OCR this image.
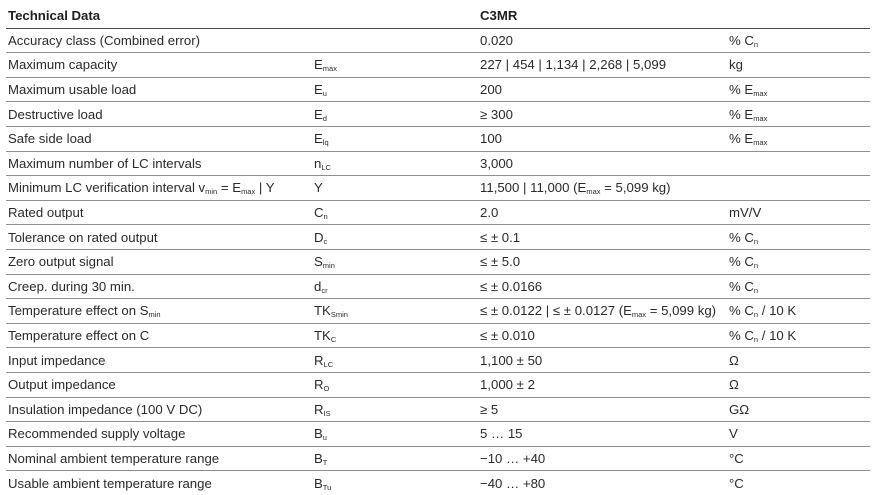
Technical Data		C3MR	
Accuracy class (Combined error)		0.020	% $C_n$
Maximum capacity	$E_{max}$	227 | 454 | 1,134 | 2,268 | 5,099	kg
Maximum usable load	$E_u$	200	% $E_{max}$
Destructive load	$E_d$	≥ 300	% $E_{max}$
Safe side load	$E_{lq}$	100	% $E_{max}$
Maximum number of LC intervals	$n_{LC}$	3,000	
Minimum LC verification interval $v_{min} = E_{max}$ | Y	Y	11,500 | 11,000 ($E_{max} = 5,099$ kg)	
Rated output	$C_n$	2.0	mV/V
Tolerance on rated output	$D_c$	≤ ± 0.1	% $C_n$
Zero output signal	$S_{min}$	≤ ± 5.0	% $C_n$
Creep. during 30 min.	$d_{cr}$	≤ ± 0.0166	% $C_n$
Temperature effect on $S_{min}$	$TK_{Smin}$	≤ ± 0.0122 | ≤ ± 0.0127 ($E_{max} = 5,099$ kg)	% $C_n / 10$ K
Temperature effect on C	$TK_C$	≤ ± 0.010	% $C_n / 10$ K
Input impedance	$R_{LC}$	1,100 ± 50	Ω
Output impedance	$R_O$	1,000 ± 2	Ω
Insulation impedance (100 V DC)	$R_{IS}$	≥ 5	GΩ
Recommended supply voltage	$B_u$	5 … 15	V
Nominal ambient temperature range	$B_T$	−10 … +40	°C
Usable ambient temperature range	$B_{Tu}$	−40 … +80	°C
